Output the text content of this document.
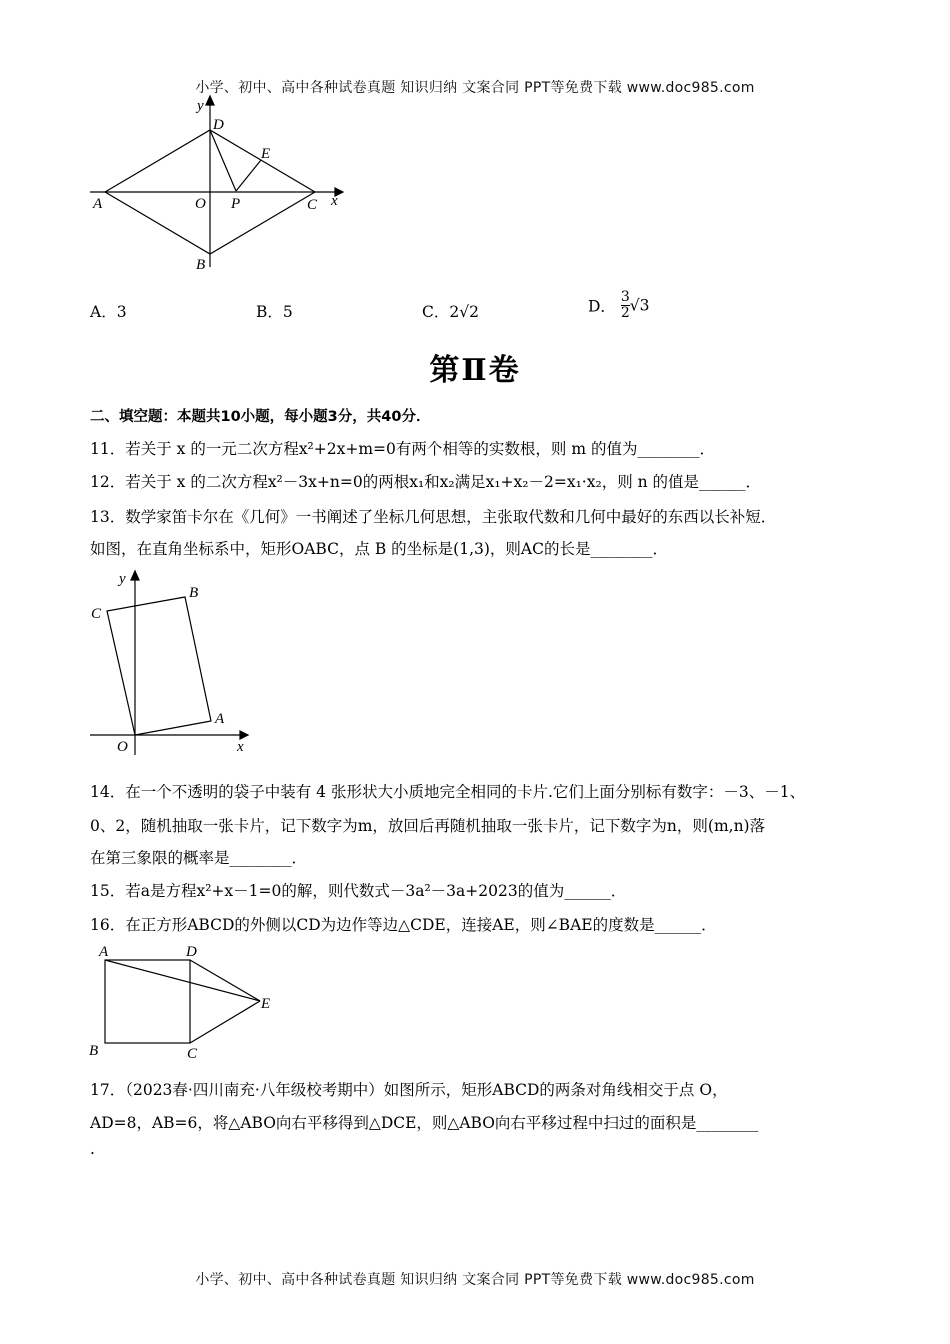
小学、初中、高中各种试卷真题 知识归纳 文案合同 PPT等免费下载 www.doc985.com
y
D
E
A	O P	C x
B
A．3	B．5	C．2√2	D． $\frac{3}{2} √3$
第Ⅱ卷
二、填空题：本题共10小题，每小题3分，共40分．
11．若关于 x 的一元二次方程x²+2x+m=0有两个相等的实数根，则 m 的值为________．
12．若关于 x 的二次方程x²－3x+n=0的两根x₁和x₂满足x₁+x₂－2=x₁·x₂，则 n 的值是______．
13．数学家笛卡尔在《几何》一书阐述了坐标几何思想，主张取代数和几何中最好的东西以长补短．
如图，在直角坐标系中，矩形OABC，点 B 的坐标是(1,3)，则AC的长是________．
y
B
C
A
O	x
14．在一个不透明的袋子中装有 4 张形状大小质地完全相同的卡片.它们上面分别标有数字：－3、－1、
0、2，随机抽取一张卡片，记下数字为m，放回后再随机抽取一张卡片，记下数字为n，则(m,n)落
在第三象限的概率是________．
15．若a是方程x²+x－1=0的解，则代数式－3a²－3a+2023的值为______．
16．在正方形ABCD的外侧以CD为边作等边△CDE，连接AE，则∠BAE的度数是______．
A	D
E
B	C
17．（2023春·四川南充·八年级校考期中）如图所示，矩形ABCD的两条对角线相交于点 O，
AD=8，AB=6，将△ABO向右平移得到△DCE，则△ABO向右平移过程中扫过的面积是________
.
小学、初中、高中各种试卷真题 知识归纳 文案合同 PPT等免费下载 www.doc985.com
